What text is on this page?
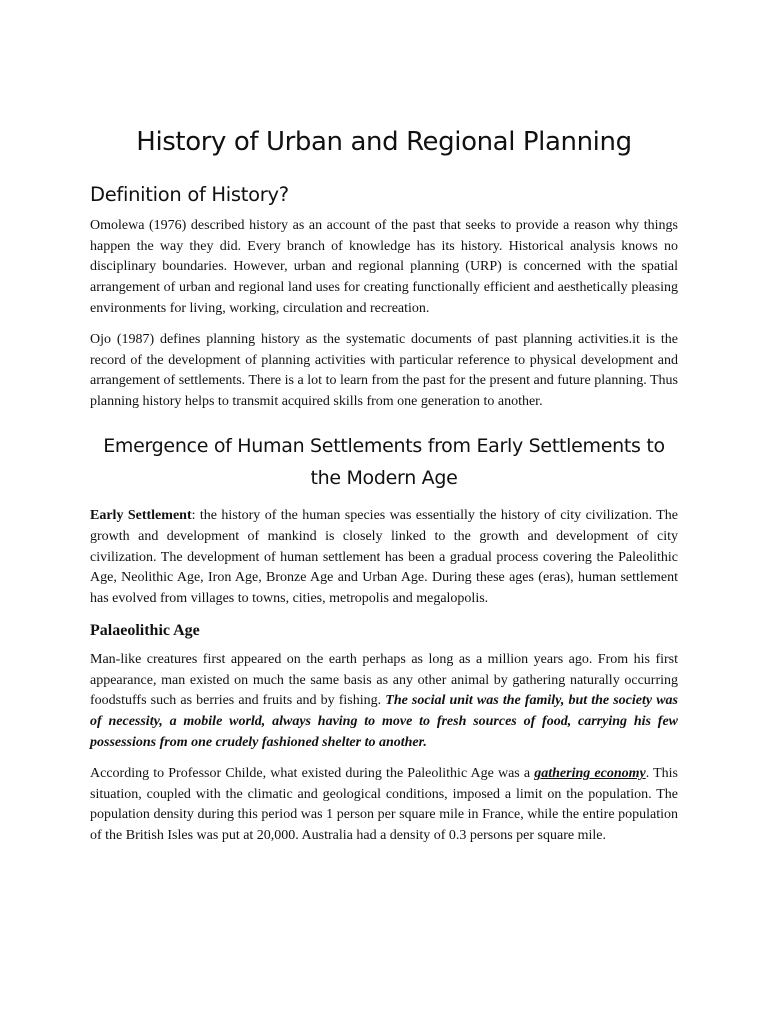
History of Urban and Regional Planning
Definition of History?

Omolewa (1976) described history as an account of the past that seeks to provide a reason why things happen the way they did. Every branch of knowledge has its history. Historical analysis knows no disciplinary boundaries. However, urban and regional planning (URP) is concerned with the spatial arrangement of urban and regional land uses for creating functionally efficient and aesthetically pleasing environments for living, working, circulation and recreation.

Ojo (1987) defines planning history as the systematic documents of past planning activities.it is the record of the development of planning activities with particular reference to physical development and arrangement of settlements. There is a lot to learn from the past for the present and future planning. Thus planning history helps to transmit acquired skills from one generation to another.

Emergence of Human Settlements from Early Settlements to
the Modern Age

Early Settlement: the history of the human species was essentially the history of city civilization. The growth and development of mankind is closely linked to the growth and development of city civilization. The development of human settlement has been a gradual process covering the Paleolithic Age, Neolithic Age, Iron Age, Bronze Age and Urban Age. During these ages (eras), human settlement has evolved from villages to towns, cities, metropolis and megalopolis.

Palaeolithic Age

Man-like creatures first appeared on the earth perhaps as long as a million years ago. From his first appearance, man existed on much the same basis as any other animal by gathering naturally occurring foodstuffs such as berries and fruits and by fishing. The social unit was the family, but the society was of necessity, a mobile world, always having to move to fresh sources of food, carrying his few possessions from one crudely fashioned shelter to another.

According to Professor Childe, what existed during the Paleolithic Age was a gathering economy. This situation, coupled with the climatic and geological conditions, imposed a limit on the population. The population density during this period was 1 person per square mile in France, while the entire population of the British Isles was put at 20,000. Australia had a density of 0.3 persons per square mile.
